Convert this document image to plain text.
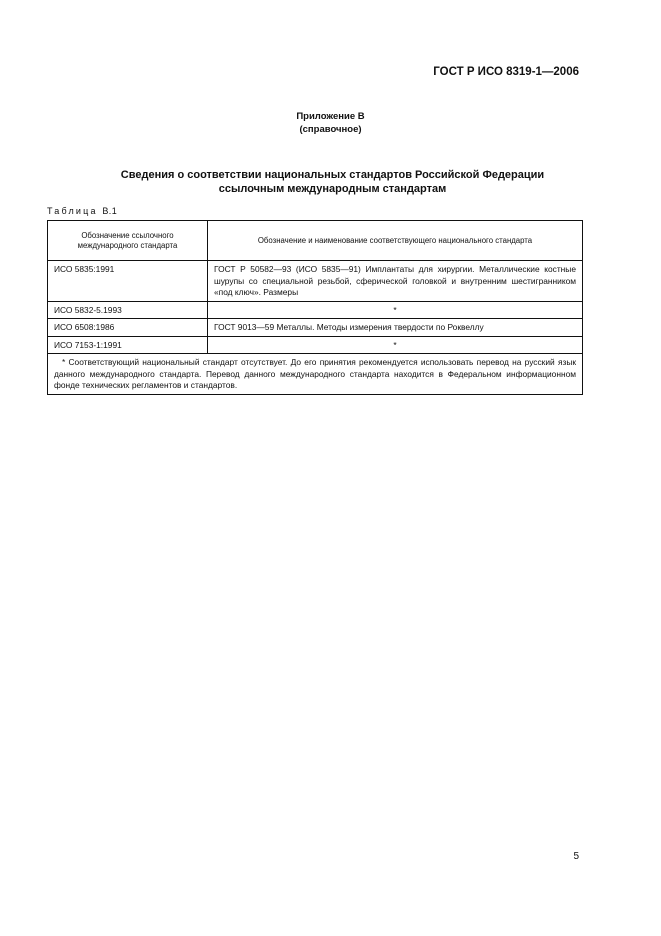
ГОСТ Р ИСО 8319-1—2006
Приложение В
(справочное)
Сведения о соответствии национальных стандартов Российской Федерации
ссылочным международным стандартам
Таблица В.1
Обозначение ссылочного международного стандарта	Обозначение и наименование соответствующего национального стандарта
ИСО 5835:1991	ГОСТ Р 50582—93 (ИСО 5835—91) Имплантаты для хирургии. Металлические костные шурупы со специальной резьбой, сферической головкой и внутренним шестигранником «под ключ». Размеры
ИСО 5832-5.1993	*
ИСО 6508:1986	ГОСТ 9013—59 Металлы. Методы измерения твердости по Роквеллу
ИСО 7153-1:1991	*
* Соответствующий национальный стандарт отсутствует. До его принятия рекомендуется использовать перевод на русский язык данного международного стандарта. Перевод данного международного стандарта находится в Федеральном информационном фонде технических регламентов и стандартов.	
5
